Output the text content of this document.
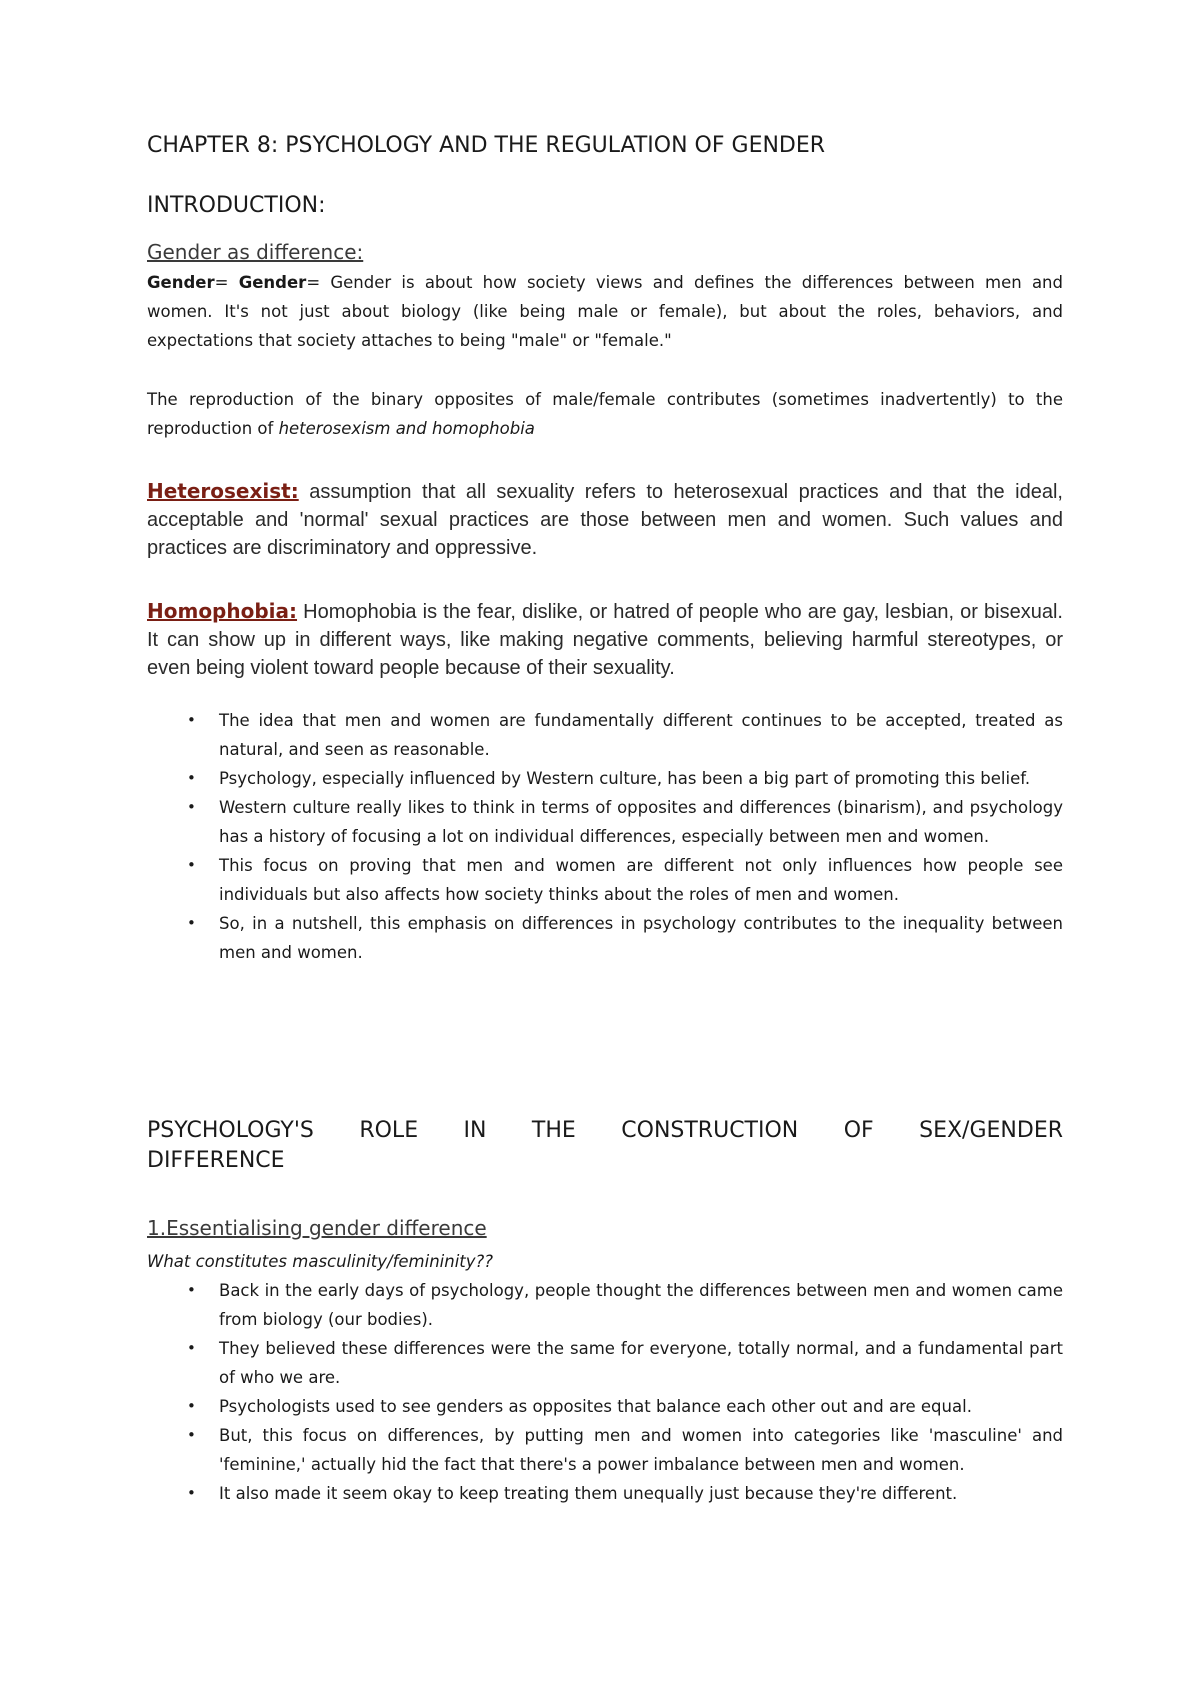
CHAPTER 8: PSYCHOLOGY AND THE REGULATION OF GENDER
INTRODUCTION:
Gender as difference:

Gender= Gender= Gender is about how society views and defines the differences between men and women. It's not just about biology (like being male or female), but about the roles, behaviors, and expectations that society attaches to being "male" or "female."

The reproduction of the binary opposites of male/female contributes (sometimes inadvertently) to the reproduction of heterosexism and homophobia

Heterosexist: assumption that all sexuality refers to heterosexual practices and that the ideal, acceptable and 'normal' sexual practices are those between men and women. Such values and practices are discriminatory and oppressive.

Homophobia: Homophobia is the fear, dislike, or hatred of people who are gay, lesbian, or bisexual. It can show up in different ways, like making negative comments, believing harmful stereotypes, or even being violent toward people because of their sexuality.

• The idea that men and women are fundamentally different continues to be accepted, treated as natural, and seen as reasonable.
• Psychology, especially influenced by Western culture, has been a big part of promoting this belief.
• Western culture really likes to think in terms of opposites and differences (binarism), and psychology has a history of focusing a lot on individual differences, especially between men and women.
• This focus on proving that men and women are different not only influences how people see individuals but also affects how society thinks about the roles of men and women.
• So, in a nutshell, this emphasis on differences in psychology contributes to the inequality between men and women.
PSYCHOLOGY'S ROLE IN THE CONSTRUCTION OF SEX/GENDER
DIFFERENCE
1.Essentialising gender difference
What constitutes masculinity/femininity??
• Back in the early days of psychology, people thought the differences between men and women came from biology (our bodies).
• They believed these differences were the same for everyone, totally normal, and a fundamental part of who we are.
• Psychologists used to see genders as opposites that balance each other out and are equal.
• But, this focus on differences, by putting men and women into categories like 'masculine' and 'feminine,' actually hid the fact that there's a power imbalance between men and women.
• It also made it seem okay to keep treating them unequally just because they're different.
